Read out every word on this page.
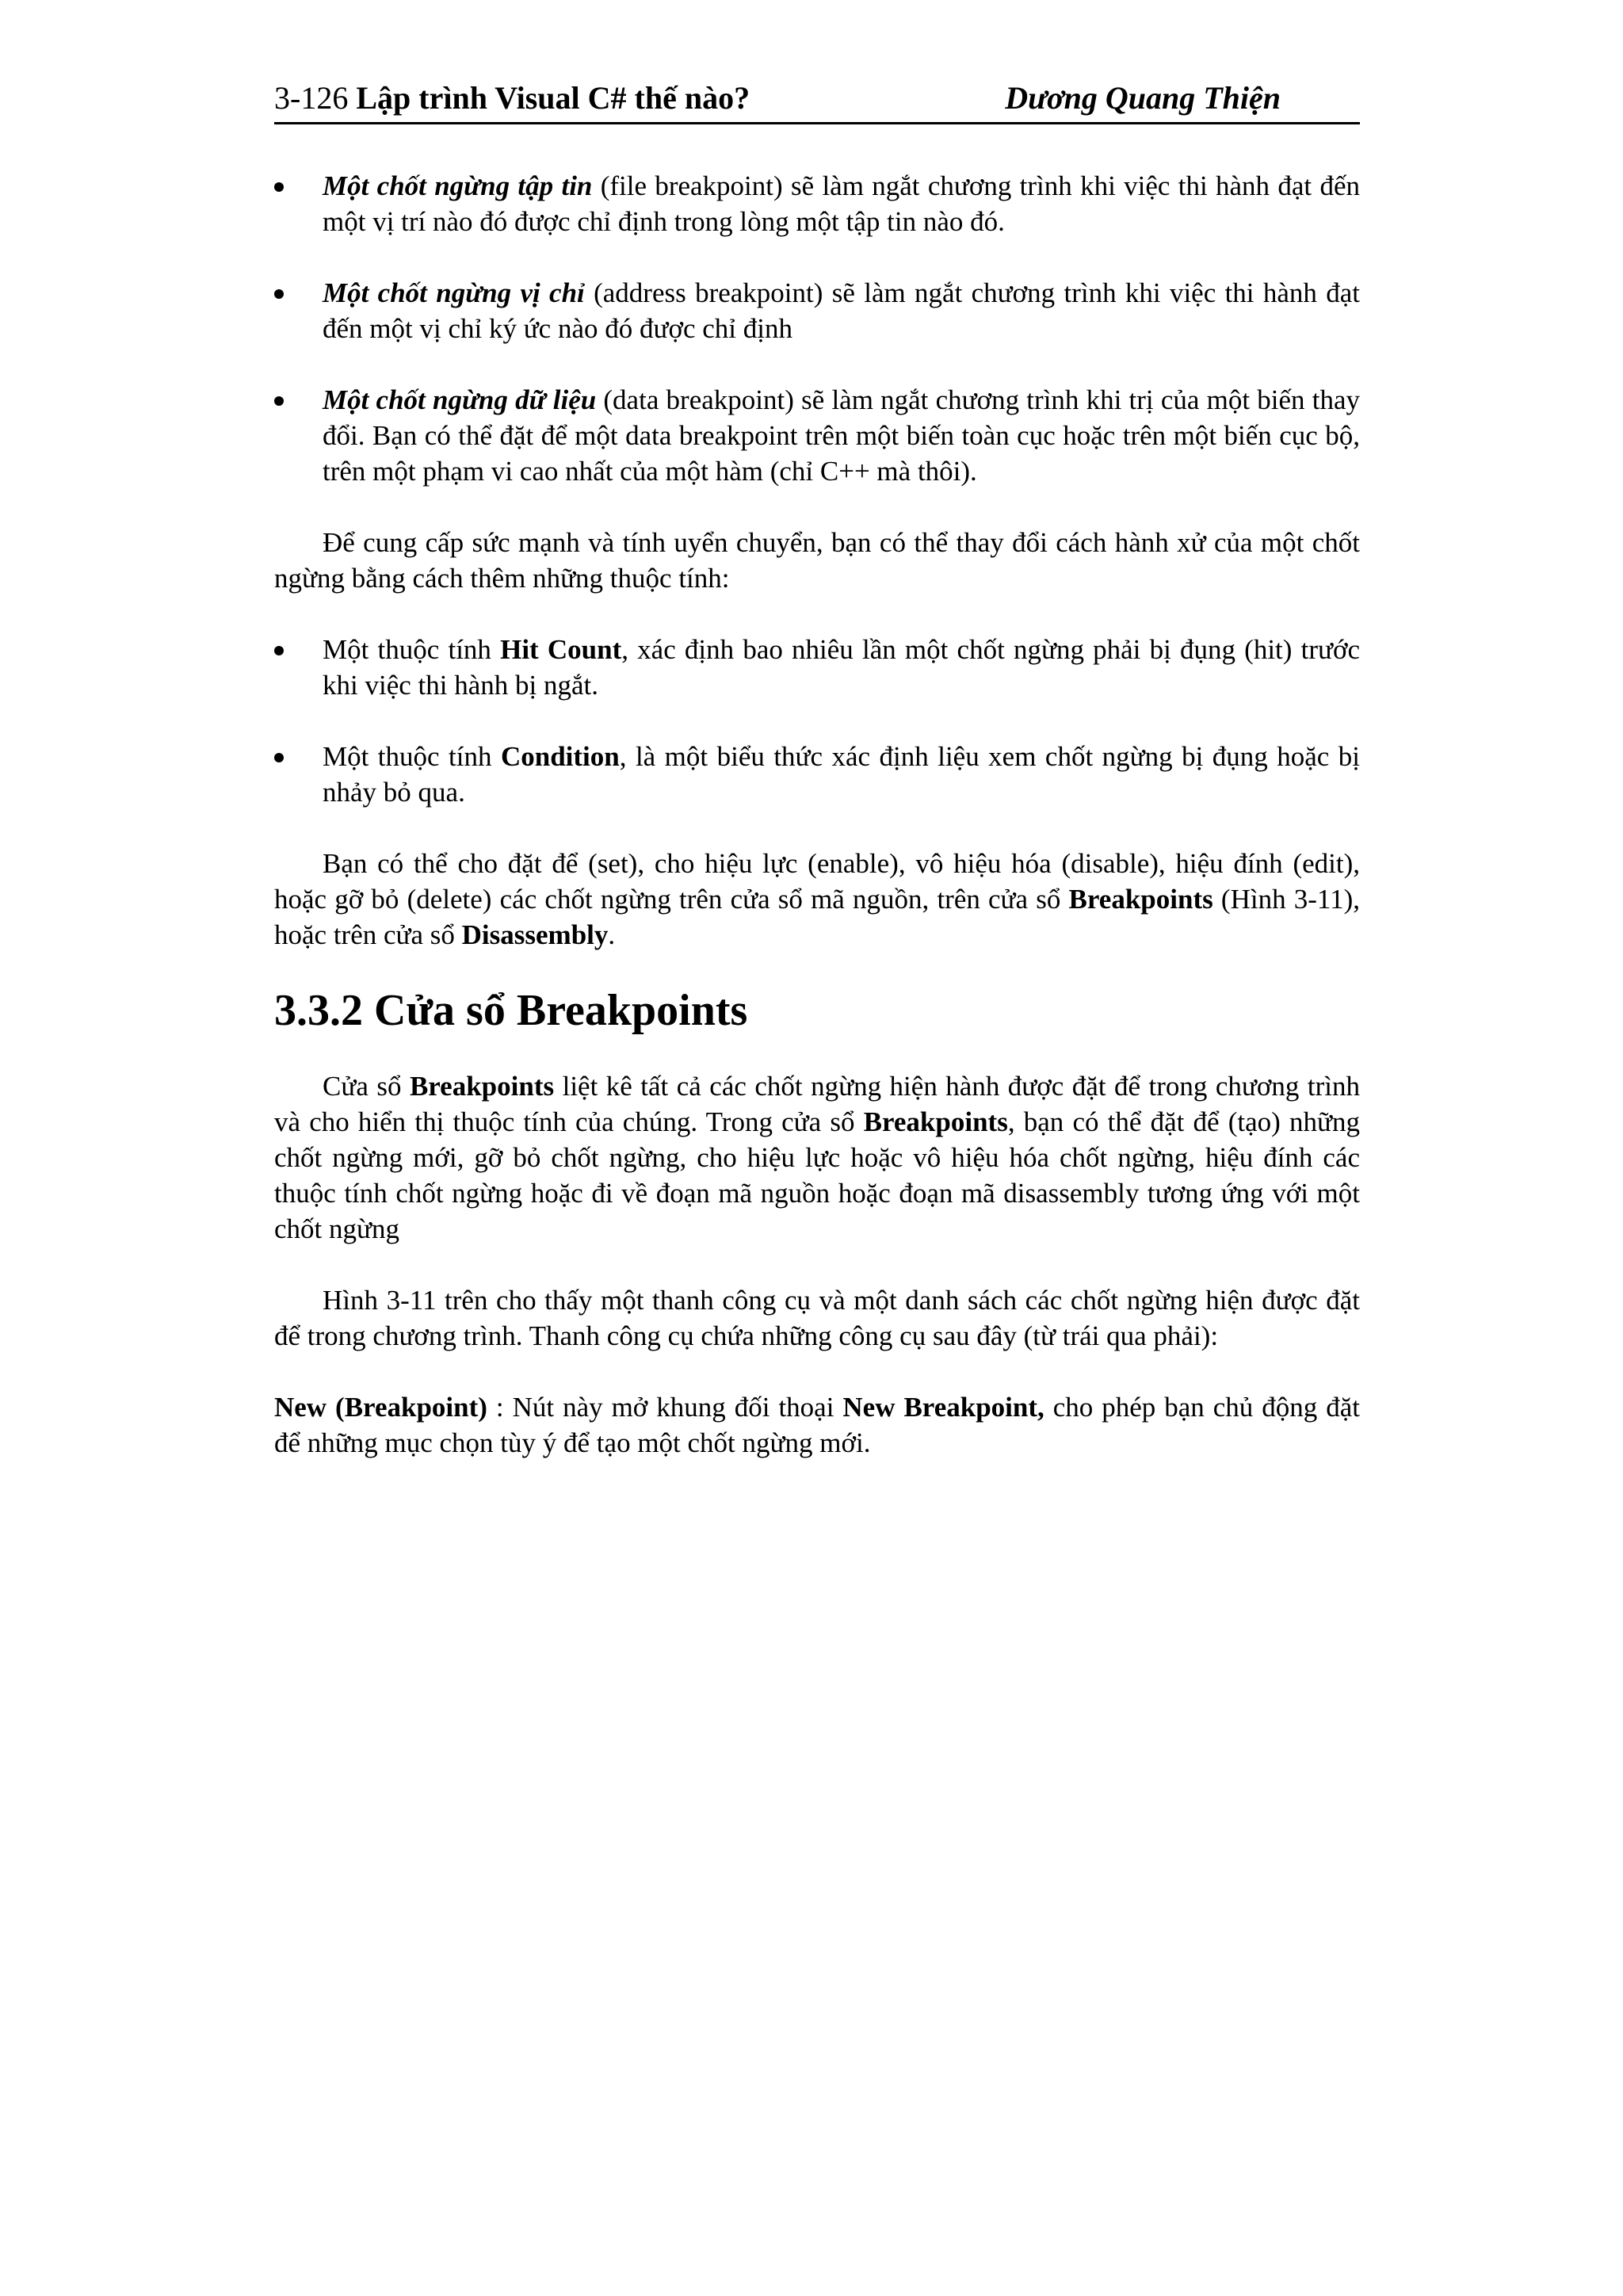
3-126 Lập trình Visual C# thế nào?	Dương Quang Thiện
Một chốt ngừng tập tin (file breakpoint) sẽ làm ngắt chương trình khi việc thi hành đạt đến một vị trí nào đó được chỉ định trong lòng một tập tin nào đó.
Một chốt ngừng vị chỉ (address breakpoint) sẽ làm ngắt chương trình khi việc thi hành đạt đến một vị chỉ ký ức nào đó được chỉ định
Một chốt ngừng dữ liệu (data breakpoint) sẽ làm ngắt chương trình khi trị của một biến thay đổi. Bạn có thể đặt để một data breakpoint trên một biến toàn cục hoặc trên một biến cục bộ, trên một phạm vi cao nhất của một hàm (chỉ C++ mà thôi).
Để cung cấp sức mạnh và tính uyển chuyển, bạn có thể thay đổi cách hành xử của một chốt ngừng bằng cách thêm những thuộc tính:
Một thuộc tính Hit Count, xác định bao nhiêu lần một chốt ngừng phải bị đụng (hit) trước khi việc thi hành bị ngắt.
Một thuộc tính Condition, là một biểu thức xác định liệu xem chốt ngừng bị đụng hoặc bị nhảy bỏ qua.
Bạn có thể cho đặt để (set), cho hiệu lực (enable), vô hiệu hóa (disable), hiệu đính (edit), hoặc gỡ bỏ (delete) các chốt ngừng trên cửa sổ mã nguồn, trên cửa sổ Breakpoints (Hình 3-11), hoặc trên cửa sổ Disassembly.
3.3.2 Cửa sổ Breakpoints
Cửa sổ Breakpoints liệt kê tất cả các chốt ngừng hiện hành được đặt để trong chương trình và cho hiển thị thuộc tính của chúng. Trong cửa sổ Breakpoints, bạn có thể đặt để (tạo) những chốt ngừng mới, gỡ bỏ chốt ngừng, cho hiệu lực hoặc vô hiệu hóa chốt ngừng, hiệu đính các thuộc tính chốt ngừng hoặc đi về đoạn mã nguồn hoặc đoạn mã disassembly tương ứng với một chốt ngừng
Hình 3-11 trên cho thấy một thanh công cụ và một danh sách các chốt ngừng hiện được đặt để trong chương trình. Thanh công cụ chứa những công cụ sau đây (từ trái qua phải):
New (Breakpoint) : Nút này mở khung đối thoại New Breakpoint, cho phép bạn chủ động đặt để những mục chọn tùy ý để tạo một chốt ngừng mới.
